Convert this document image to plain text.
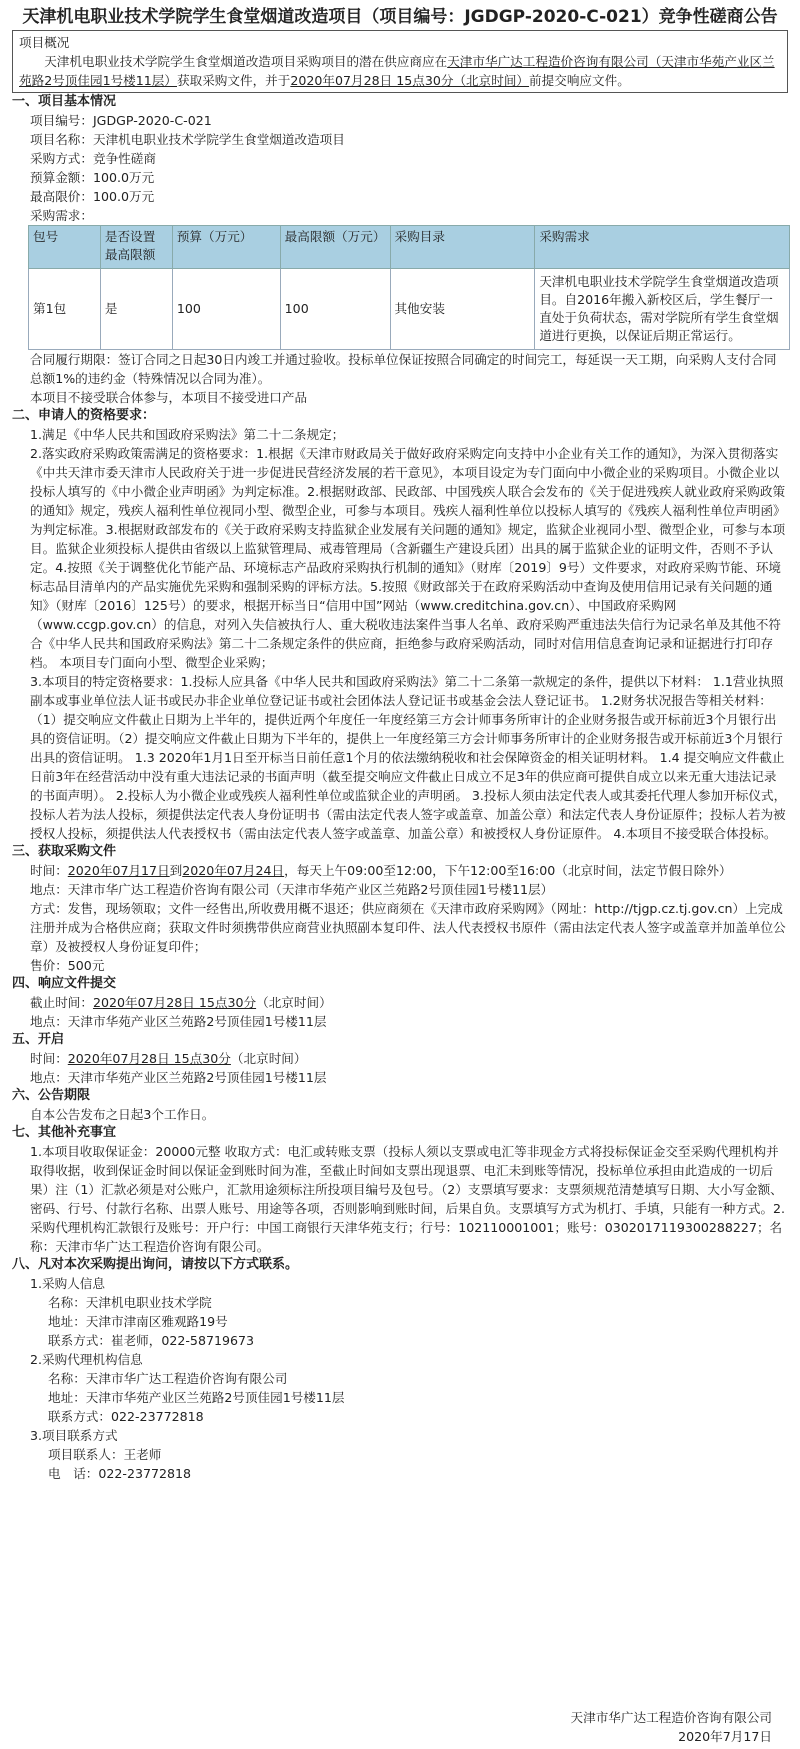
天津机电职业技术学院学生食堂烟道改造项目（项目编号：JGDGP-2020-C-021）竞争性磋商公告
项目概况
天津机电职业技术学院学生食堂烟道改造项目采购项目的潜在供应商应在天津市华广达工程造价咨询有限公司（天津市华苑产业区兰苑路2号顶佳园1号楼11层）获取采购文件，并于2020年07月28日 15点30分（北京时间）前提交响应文件。
一、项目基本情况
项目编号：JGDGP-2020-C-021
项目名称：天津机电职业技术学院学生食堂烟道改造项目
采购方式：竞争性磋商
预算金额：100.0万元
最高限价：100.0万元
采购需求：
包号	是否设置最高限额	预算（万元）	最高限额（万元）	采购目录	采购需求
第1包	是	100	100	其他安装	天津机电职业技术学院学生食堂烟道改造项目。自2016年搬入新校区后，学生餐厅一直处于负荷状态，需对学院所有学生食堂烟道进行更换，以保证后期正常运行。
合同履行期限：签订合同之日起30日内竣工并通过验收。投标单位保证按照合同确定的时间完工，每延误一天工期，向采购人支付合同总额1%的违约金（特殊情况以合同为准）。
本项目不接受联合体参与，本项目不接受进口产品
二、申请人的资格要求：
1.满足《中华人民共和国政府采购法》第二十二条规定；
2.落实政府采购政策需满足的资格要求：1.根据《天津市财政局关于做好政府采购定向支持中小企业有关工作的通知》，为深入贯彻落实《中共天津市委天津市人民政府关于进一步促进民营经济发展的若干意见》，本项目设定为专门面向中小微企业的采购项目。小微企业以投标人填写的《中小微企业声明函》为判定标准。2.根据财政部、民政部、中国残疾人联合会发布的《关于促进残疾人就业政府采购政策的通知》规定，残疾人福利性单位视同小型、微型企业，可参与本项目。残疾人福利性单位以投标人填写的《残疾人福利性单位声明函》为判定标准。3.根据财政部发布的《关于政府采购支持监狱企业发展有关问题的通知》规定，监狱企业视同小型、微型企业，可参与本项目。监狱企业须投标人提供由省级以上监狱管理局、戒毒管理局（含新疆生产建设兵团）出具的属于监狱企业的证明文件，否则不予认定。4.按照《关于调整优化节能产品、环境标志产品政府采购执行机制的通知》（财库〔2019〕9号）文件要求，对政府采购节能、环境标志品目清单内的产品实施优先采购和强制采购的评标方法。5.按照《财政部关于在政府采购活动中查询及使用信用记录有关问题的通知》（财库〔2016〕125号）的要求，根据开标当日“信用中国”网站（www.creditchina.gov.cn）、中国政府采购网（www.ccgp.gov.cn）的信息，对列入失信被执行人、重大税收违法案件当事人名单、政府采购严重违法失信行为记录名单及其他不符合《中华人民共和国政府采购法》第二十二条规定条件的供应商，拒绝参与政府采购活动，同时对信用信息查询记录和证据进行打印存档。 本项目专门面向小型、微型企业采购；
3.本项目的特定资格要求：1.投标人应具备《中华人民共和国政府采购法》第二十二条第一款规定的条件，提供以下材料： 1.1营业执照副本或事业单位法人证书或民办非企业单位登记证书或社会团体法人登记证书或基金会法人登记证书。 1.2财务状况报告等相关材料：（1）提交响应文件截止日期为上半年的，提供近两个年度任一年度经第三方会计师事务所审计的企业财务报告或开标前近3个月银行出具的资信证明。（2）提交响应文件截止日期为下半年的，提供上一年度经第三方会计师事务所审计的企业财务报告或开标前近3个月银行出具的资信证明。 1.3 2020年1月1日至开标当日前任意1个月的依法缴纳税收和社会保障资金的相关证明材料。 1.4 提交响应文件截止日前3年在经营活动中没有重大违法记录的书面声明（截至提交响应文件截止日成立不足3年的供应商可提供自成立以来无重大违法记录的书面声明）。 2.投标人为小微企业或残疾人福利性单位或监狱企业的声明函。 3.投标人须由法定代表人或其委托代理人参加开标仪式，投标人若为法人投标，须提供法定代表人身份证明书（需由法定代表人签字或盖章、加盖公章）和法定代表人身份证原件；投标人若为被授权人投标，须提供法人代表授权书（需由法定代表人签字或盖章、加盖公章）和被授权人身份证原件。 4.本项目不接受联合体投标。
三、获取采购文件
时间：2020年07月17日到2020年07月24日，每天上午09:00至12:00，下午12:00至16:00（北京时间，法定节假日除外）
地点：天津市华广达工程造价咨询有限公司（天津市华苑产业区兰苑路2号顶佳园1号楼11层）
方式：发售，现场领取；文件一经售出,所收费用概不退还；供应商须在《天津市政府采购网》（网址：http://tjgp.cz.tj.gov.cn）上完成注册并成为合格供应商；获取文件时须携带供应商营业执照副本复印件、法人代表授权书原件（需由法定代表人签字或盖章并加盖单位公章）及被授权人身份证复印件；
售价：500元
四、响应文件提交
截止时间：2020年07月28日 15点30分（北京时间）
地点：天津市华苑产业区兰苑路2号顶佳园1号楼11层
五、开启
时间：2020年07月28日 15点30分（北京时间）
地点：天津市华苑产业区兰苑路2号顶佳园1号楼11层
六、公告期限
自本公告发布之日起3个工作日。
七、其他补充事宜
1.本项目收取保证金：20000元整 收取方式：电汇或转账支票（投标人须以支票或电汇等非现金方式将投标保证金交至采购代理机构并取得收据，收到保证金时间以保证金到账时间为准，至截止时间如支票出现退票、电汇未到账等情况，投标单位承担由此造成的一切后果）注（1）汇款必须是对公账户，汇款用途须标注所投项目编号及包号。（2）支票填写要求：支票须规范清楚填写日期、大小写金额、密码、行号、付款行名称、出票人账号、用途等各项，否则影响到账时间，后果自负。支票填写方式为机打、手填，只能有一种方式。2.采购代理机构汇款银行及账号：开户行：中国工商银行天津华苑支行；行号：102110001001；账号：0302017119300288227；名称：天津市华广达工程造价咨询有限公司。
八、凡对本次采购提出询问，请按以下方式联系。
1.采购人信息
名称：天津机电职业技术学院
地址：天津市津南区雅观路19号
联系方式：崔老师，022-58719673
2.采购代理机构信息
名称：天津市华广达工程造价咨询有限公司
地址：天津市华苑产业区兰苑路2号顶佳园1号楼11层
联系方式：022-23772818
3.项目联系方式
项目联系人：王老师
电　话：022-23772818
天津市华广达工程造价咨询有限公司
2020年7月17日
